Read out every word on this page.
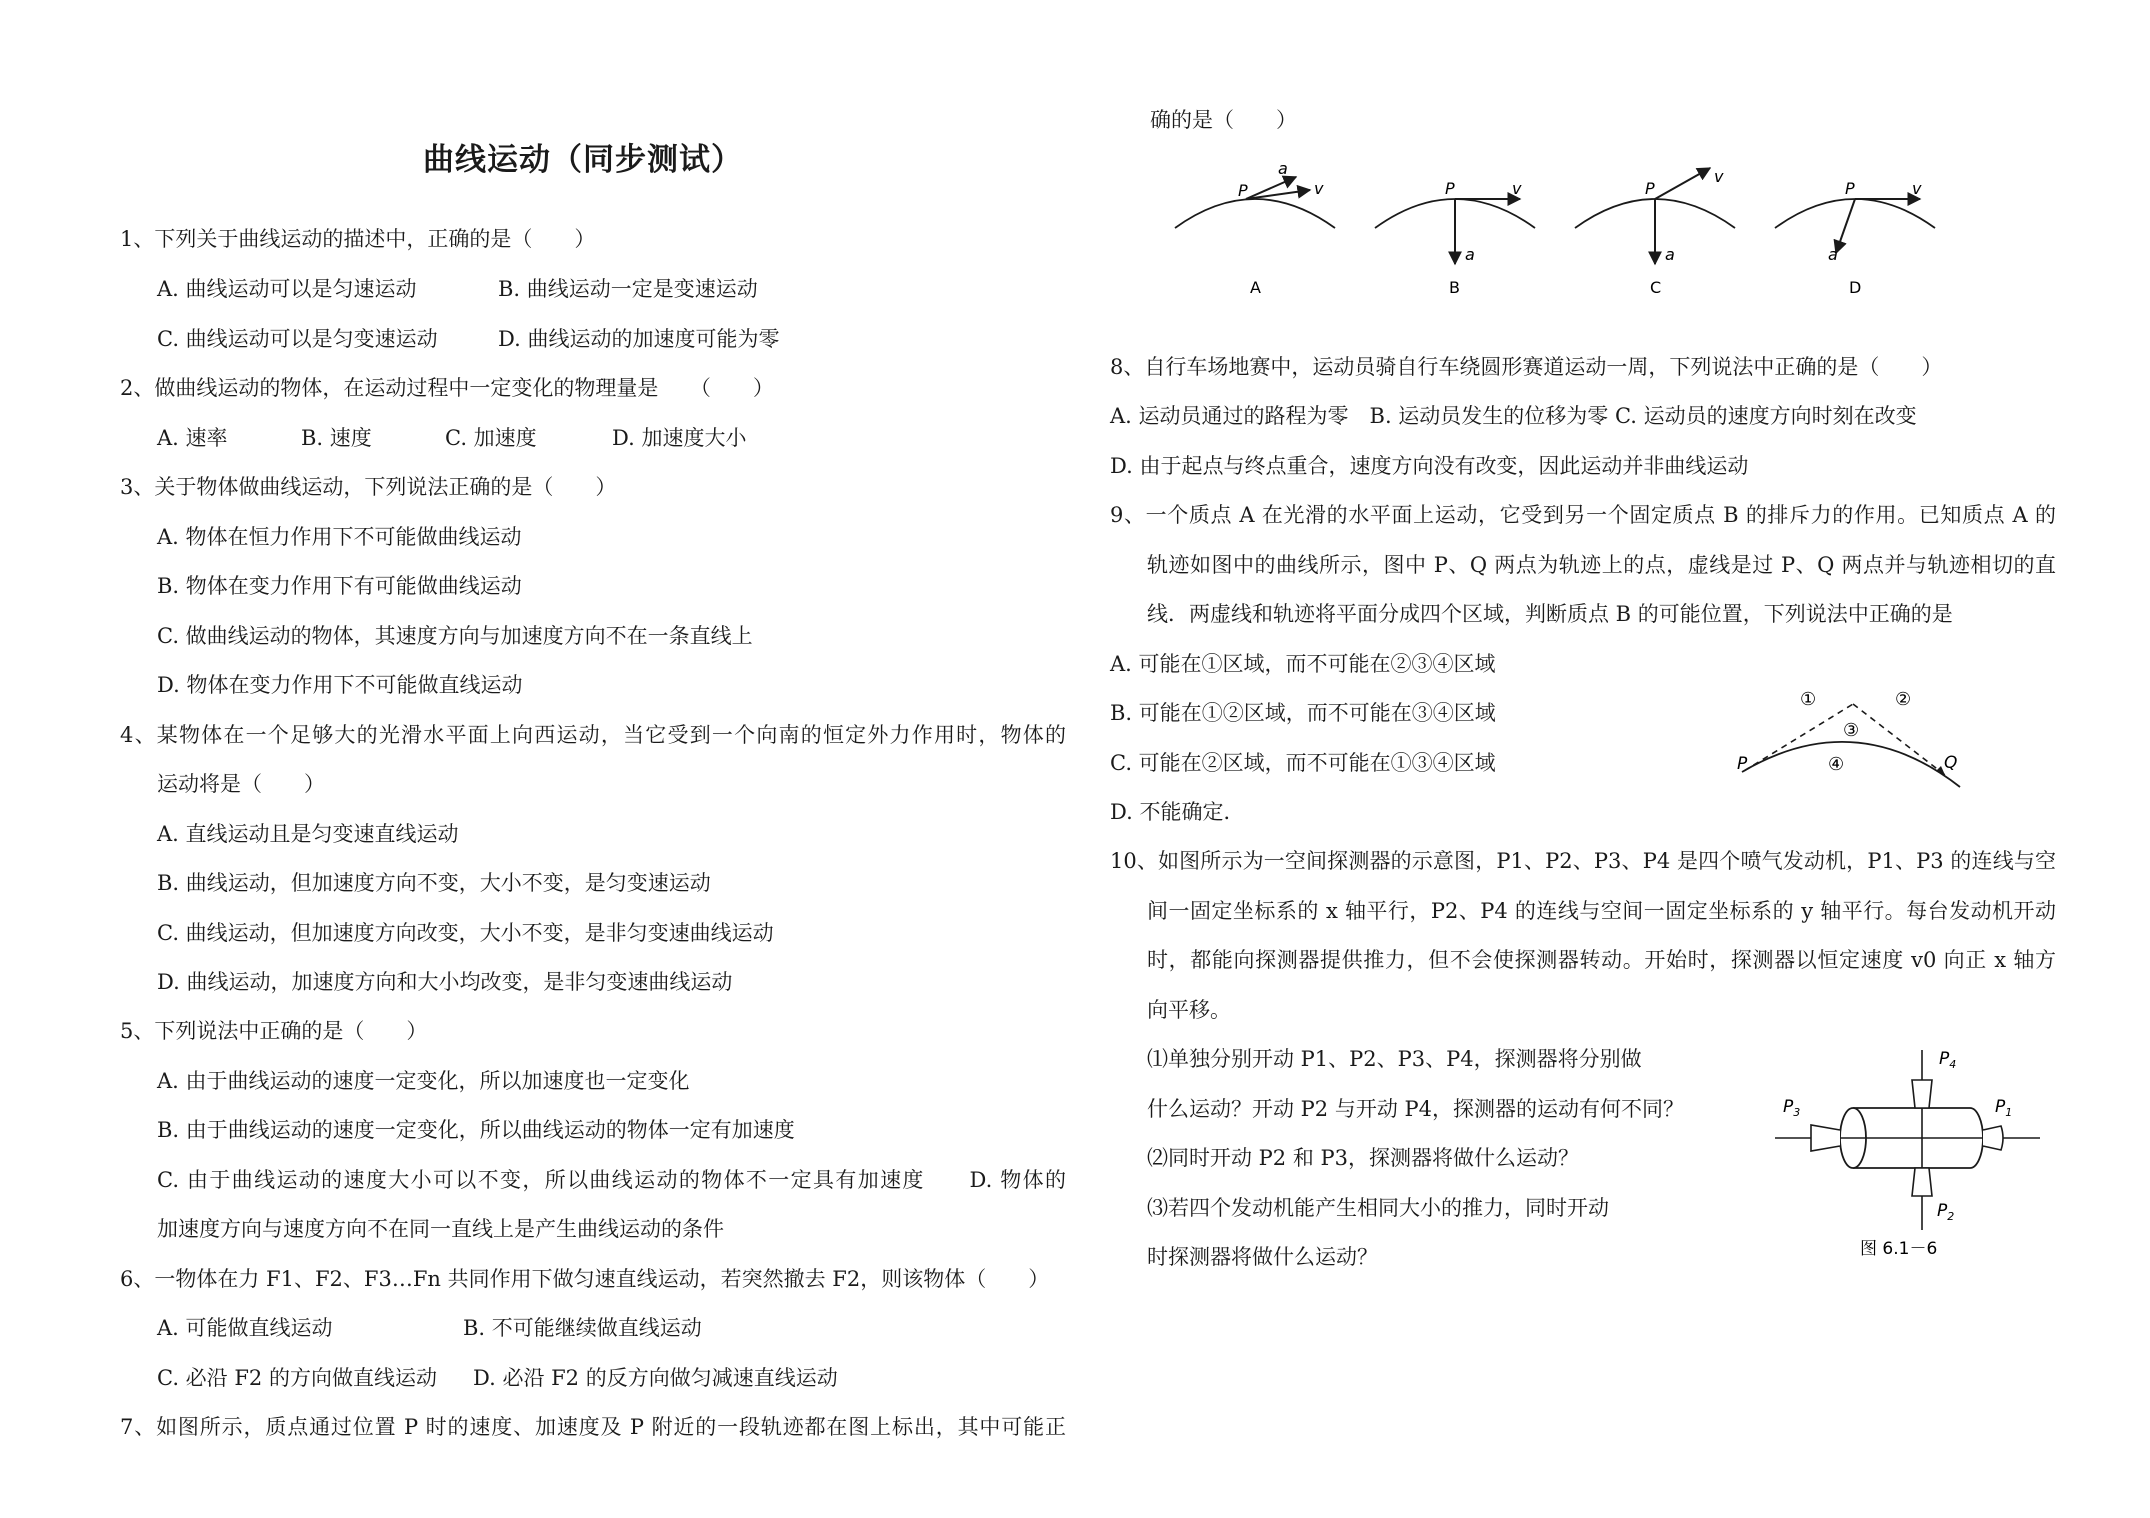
曲线运动（同步测试）
1、下列关于曲线运动的描述中，正确的是（　　）
A. 曲线运动可以是匀速运动	B. 曲线运动一定是变速运动
C. 曲线运动可以是匀变速运动	D. 曲线运动的加速度可能为零
2、做曲线运动的物体，在运动过程中一定变化的物理量是　　（　　）
A. 速率	B. 速度	C. 加速度	D. 加速度大小
3、关于物体做曲线运动，下列说法正确的是（　　）
A. 物体在恒力作用下不可能做曲线运动
B. 物体在变力作用下有可能做曲线运动
C. 做曲线运动的物体，其速度方向与加速度方向不在一条直线上
D. 物体在变力作用下不可能做直线运动
4、某物体在一个足够大的光滑水平面上向西运动，当它受到一个向南的恒定外力作用时，物体的
运动将是（　　）
A. 直线运动且是匀变速直线运动
B. 曲线运动，但加速度方向不变，大小不变，是匀变速运动
C. 曲线运动，但加速度方向改变，大小不变，是非匀变速曲线运动
D. 曲线运动，加速度方向和大小均改变，是非匀变速曲线运动
5、下列说法中正确的是（　　）
A. 由于曲线运动的速度一定变化，所以加速度也一定变化
B. 由于曲线运动的速度一定变化，所以曲线运动的物体一定有加速度
C. 由于曲线运动的速度大小可以不变，所以曲线运动的物体不一定具有加速度　　D. 物体的
加速度方向与速度方向不在同一直线上是产生曲线运动的条件
6、一物体在力 F1、F2、F3…Fn 共同作用下做匀速直线运动，若突然撤去 F2，则该物体（　　）
A. 可能做直线运动	B. 不可能继续做直线运动
C. 必沿 F2 的方向做直线运动 D. 必沿 F2 的反方向做匀减速直线运动
7、如图所示，质点通过位置 P 时的速度、加速度及 P 附近的一段轨迹都在图上标出，其中可能正
确的是（　　）
P	v
a
A
P	v
a
B
P
v
a
C
P	v
a
D
8、自行车场地赛中，运动员骑自行车绕圆形赛道运动一周，下列说法中正确的是（　　）
A. 运动员通过的路程为零　B. 运动员发生的位移为零 C. 运动员的速度方向时刻在改变
D. 由于起点与终点重合，速度方向没有改变，因此运动并非曲线运动
9、一个质点 A 在光滑的水平面上运动，它受到另一个固定质点 B 的排斥力的作用。已知质点 A 的
轨迹如图中的曲线所示，图中 P、Q 两点为轨迹上的点，虚线是过 P、Q 两点并与轨迹相切的直
线．两虚线和轨迹将平面分成四个区域，判断质点 B 的可能位置，下列说法中正确的是
A. 可能在①区域，而不可能在②③④区域
B. 可能在①②区域，而不可能在③④区域
C. 可能在②区域，而不可能在①③④区域
D. 不能确定．
①	②
③
④
P	Q
10、如图所示为一空间探测器的示意图，P1、P2、P3、P4 是四个喷气发动机，P1、P3 的连线与空
间一固定坐标系的 x 轴平行，P2、P4 的连线与空间一固定坐标系的 y 轴平行。每台发动机开动
时，都能向探测器提供推力，但不会使探测器转动。开始时，探测器以恒定速度 v0 向正 x 轴方
向平移。
⑴单独分别开动 P1、P2、P3、P4，探测器将分别做
什么运动？开动 P2 与开动 P4，探测器的运动有何不同？
⑵同时开动 P2 和 P3，探测器将做什么运动？
⑶若四个发动机能产生相同大小的推力，同时开动
时探测器将做什么运动？
$P_4$
$P_3$	$P_1$
$P_2$
图 6.1－6
